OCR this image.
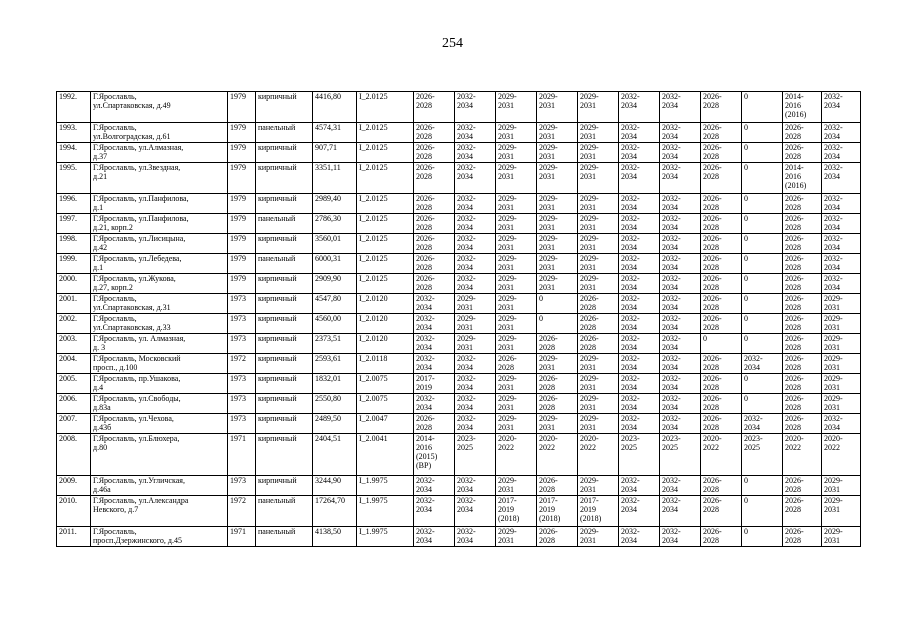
254
1992.	Г.Ярославль,
ул.Спартаковская, д.49	1979	кирпичный	4416,80	I_2.0125	2026-
2028	2032-
2034	2029-
2031	2029-
2031	2029-
2031	2032-
2034	2032-
2034	2026-
2028	0	2014-
2016
(2016)	2032-
2034
1993.	Г.Ярославль,
ул.Волгоградская, д.61	1979	панельный	4574,31	I_2.0125	2026-
2028	2032-
2034	2029-
2031	2029-
2031	2029-
2031	2032-
2034	2032-
2034	2026-
2028	0	2026-
2028	2032-
2034
1994.	Г.Ярославль, ул.Алмазная,
д.37	1979	кирпичный	907,71	I_2.0125	2026-
2028	2032-
2034	2029-
2031	2029-
2031	2029-
2031	2032-
2034	2032-
2034	2026-
2028	0	2026-
2028	2032-
2034
1995.	Г.Ярославль, ул.Звездная,
д.21	1979	кирпичный	3351,11	I_2.0125	2026-
2028	2032-
2034	2029-
2031	2029-
2031	2029-
2031	2032-
2034	2032-
2034	2026-
2028	0	2014-
2016
(2016)	2032-
2034
1996.	Г.Ярославль, ул.Панфилова,
д.1	1979	кирпичный	2989,40	I_2.0125	2026-
2028	2032-
2034	2029-
2031	2029-
2031	2029-
2031	2032-
2034	2032-
2034	2026-
2028	0	2026-
2028	2032-
2034
1997.	Г.Ярославль, ул.Панфилова,
д.21, корп.2	1979	панельный	2786,30	I_2.0125	2026-
2028	2032-
2034	2029-
2031	2029-
2031	2029-
2031	2032-
2034	2032-
2034	2026-
2028	0	2026-
2028	2032-
2034
1998.	Г.Ярославль, ул.Лисицына,
д.42	1979	кирпичный	3560,01	I_2.0125	2026-
2028	2032-
2034	2029-
2031	2029-
2031	2029-
2031	2032-
2034	2032-
2034	2026-
2028	0	2026-
2028	2032-
2034
1999.	Г.Ярославль, ул.Лебедева,
д.1	1979	панельный	6000,31	I_2.0125	2026-
2028	2032-
2034	2029-
2031	2029-
2031	2029-
2031	2032-
2034	2032-
2034	2026-
2028	0	2026-
2028	2032-
2034
2000.	Г.Ярославль, ул.Жукова,
д.27, корп.2	1979	кирпичный	2909,90	I_2.0125	2026-
2028	2032-
2034	2029-
2031	2029-
2031	2029-
2031	2032-
2034	2032-
2034	2026-
2028	0	2026-
2028	2032-
2034
2001.	Г.Ярославль,
ул.Спартаковская, д.31	1973	кирпичный	4547,80	I_2.0120	2032-
2034	2029-
2031	2029-
2031	0	2026-
2028	2032-
2034	2032-
2034	2026-
2028	0	2026-
2028	2029-
2031
2002.	Г.Ярославль,
ул.Спартаковская, д.33	1973	кирпичный	4560,00	I_2.0120	2032-
2034	2029-
2031	2029-
2031	0	2026-
2028	2032-
2034	2032-
2034	2026-
2028	0	2026-
2028	2029-
2031
2003.	Г.Ярославль, ул. Алмазная,
д. 3	1973	кирпичный	2373,51	I_2.0120	2032-
2034	2029-
2031	2029-
2031	2026-
2028	2026-
2028	2032-
2034	2032-
2034	0	0	2026-
2028	2029-
2031
2004.	Г.Ярославль, Московский
просп., д.100	1972	кирпичный	2593,61	I_2.0118	2032-
2034	2032-
2034	2026-
2028	2029-
2031	2029-
2031	2032-
2034	2032-
2034	2026-
2028	2032-
2034	2026-
2028	2029-
2031
2005.	Г.Ярославль, пр.Ушакова,
д.4	1973	кирпичный	1832,01	I_2.0075	2017-
2019	2032-
2034	2029-
2031	2026-
2028	2029-
2031	2032-
2034	2032-
2034	2026-
2028	0	2026-
2028	2029-
2031
2006.	Г.Ярославль, ул.Свободы,
д.83а	1973	кирпичный	2550,80	I_2.0075	2032-
2034	2032-
2034	2029-
2031	2026-
2028	2029-
2031	2032-
2034	2032-
2034	2026-
2028	0	2026-
2028	2029-
2031
2007.	Г.Ярославль, ул.Чехова,
д.43б	1973	кирпичный	2489,50	I_2.0047	2026-
2028	2032-
2034	2029-
2031	2029-
2031	2029-
2031	2032-
2034	2032-
2034	2026-
2028	2032-
2034	2026-
2028	2032-
2034
2008.	Г.Ярославль, ул.Блюхера,
д.80	1971	кирпичный	2404,51	I_2.0041	2014-
2016
(2015)
(ВР)	2023-
2025	2020-
2022	2020-
2022	2020-
2022	2023-
2025	2023-
2025	2020-
2022	2023-
2025	2020-
2022	2020-
2022
2009.	Г.Ярославль, ул.Угличская,
д.46а	1973	кирпичный	3244,90	I_1.9975	2032-
2034	2032-
2034	2029-
2031	2026-
2028	2029-
2031	2032-
2034	2032-
2034	2026-
2028	0	2026-
2028	2029-
2031
2010.	Г.Ярославль, ул.Александра
Невского, д.7	1972	панельный	17264,70	I_1.9975	2032-
2034	2032-
2034	2017-
2019
(2018)	2017-
2019
(2018)	2017-
2019
(2018)	2032-
2034	2032-
2034	2026-
2028	0	2026-
2028	2029-
2031
2011.	Г.Ярославль,
просп.Дзержинского, д.45	1971	панельный	4138,50	I_1.9975	2032-
2034	2032-
2034	2029-
2031	2026-
2028	2029-
2031	2032-
2034	2032-
2034	2026-
2028	0	2026-
2028	2029-
2031
